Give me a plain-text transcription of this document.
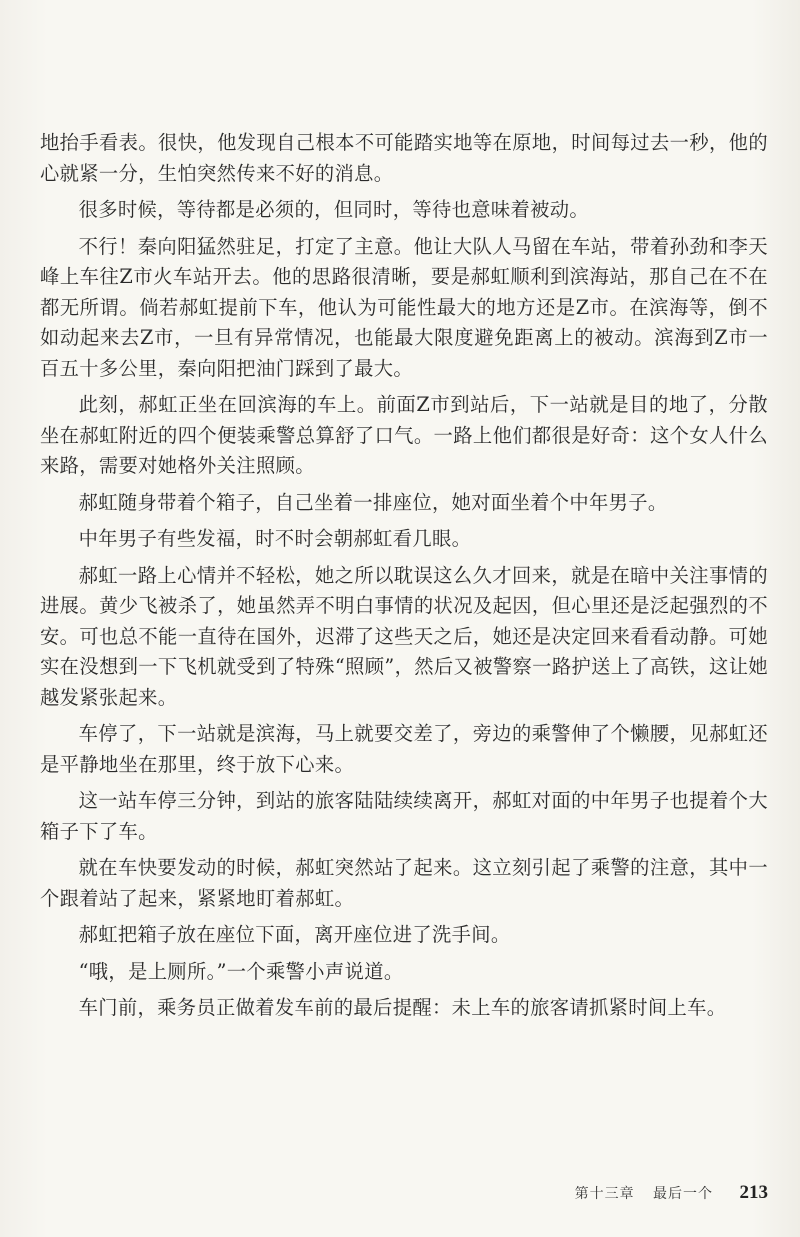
地抬手看表。很快，他发现自己根本不可能踏实地等在原地，时间每过去一秒，他的心就紧一分，生怕突然传来不好的消息。

很多时候，等待都是必须的，但同时，等待也意味着被动。

不行！秦向阳猛然驻足，打定了主意。他让大队人马留在车站，带着孙劲和李天峰上车往Z市火车站开去。他的思路很清晰，要是郝虹顺利到滨海站，那自己在不在都无所谓。倘若郝虹提前下车，他认为可能性最大的地方还是Z市。在滨海等，倒不如动起来去Z市，一旦有异常情况，也能最大限度避免距离上的被动。滨海到Z市一百五十多公里，秦向阳把油门踩到了最大。

此刻，郝虹正坐在回滨海的车上。前面Z市到站后，下一站就是目的地了，分散坐在郝虹附近的四个便装乘警总算舒了口气。一路上他们都很是好奇：这个女人什么来路，需要对她格外关注照顾。

郝虹随身带着个箱子，自己坐着一排座位，她对面坐着个中年男子。

中年男子有些发福，时不时会朝郝虹看几眼。

郝虹一路上心情并不轻松，她之所以耽误这么久才回来，就是在暗中关注事情的进展。黄少飞被杀了，她虽然弄不明白事情的状况及起因，但心里还是泛起强烈的不安。可也总不能一直待在国外，迟滞了这些天之后，她还是决定回来看看动静。可她实在没想到一下飞机就受到了特殊“照顾”，然后又被警察一路护送上了高铁，这让她越发紧张起来。

车停了，下一站就是滨海，马上就要交差了，旁边的乘警伸了个懒腰，见郝虹还是平静地坐在那里，终于放下心来。

这一站车停三分钟，到站的旅客陆陆续续离开，郝虹对面的中年男子也提着个大箱子下了车。

就在车快要发动的时候，郝虹突然站了起来。这立刻引起了乘警的注意，其中一个跟着站了起来，紧紧地盯着郝虹。

郝虹把箱子放在座位下面，离开座位进了洗手间。

“哦，是上厕所。”一个乘警小声说道。

车门前，乘务员正做着发车前的最后提醒：未上车的旅客请抓紧时间上车。

第十三章 最后一个 213
